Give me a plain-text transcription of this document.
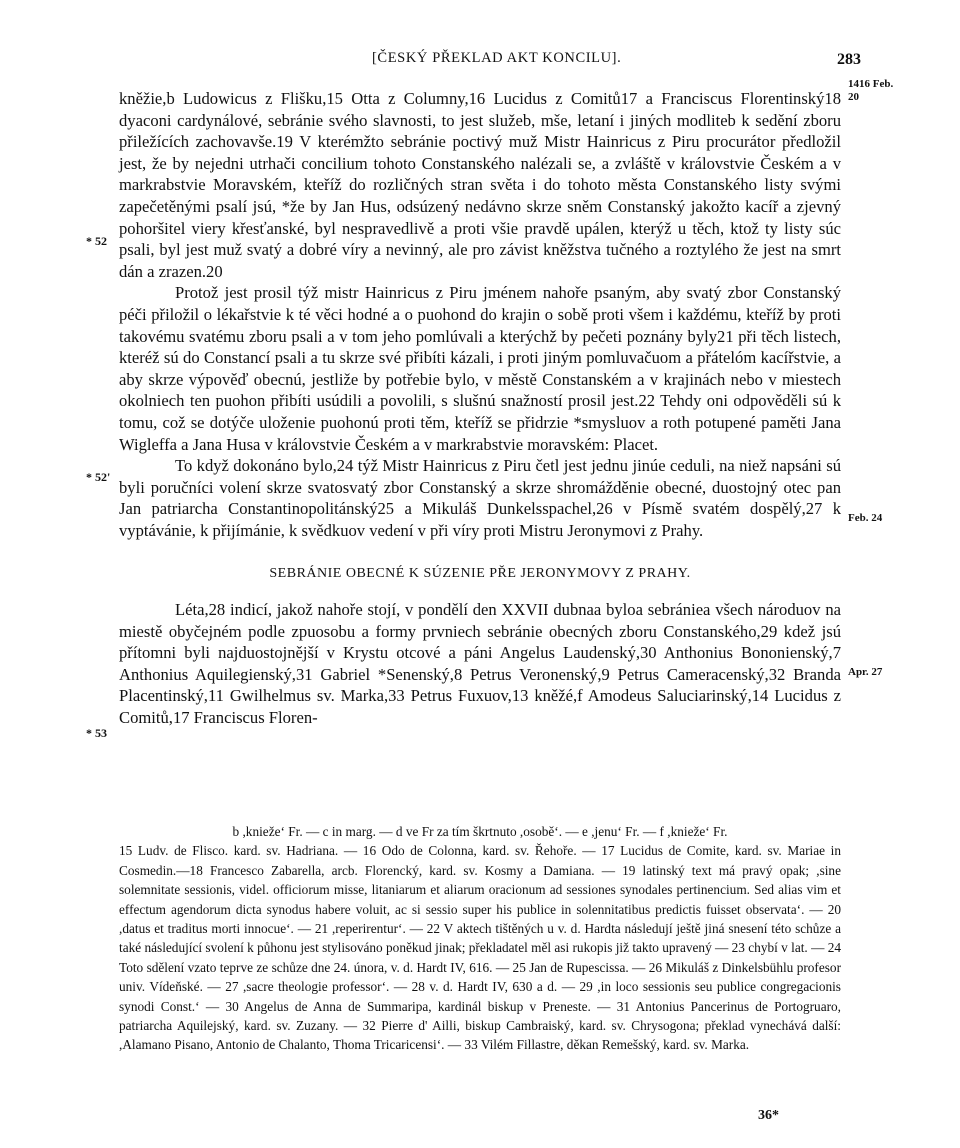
[ČESKÝ PŘEKLAD AKT KONCILU].	283
* 52
* 52'
* 53
1416 Feb. 20
Feb. 24
Apr. 27

kněžie,b Ludowicus z Flišku,15 Otta z Columny,16 Lucidus z Comitů17 a Franciscus Florentinský18 dyaconi cardynálové, sebránie svého slavnosti, to jest služeb, mše, letaní i jiných modliteb k sedění zboru přiležících zachovavše.19 V kterémžto sebránie poctivý muž Mistr Hainricus z Piru procurátor předložil jest, že by nejedni utrhači concilium tohoto Constanského nalézali se, a zvláště v královstvie Českém a v markrabstvie Moravském, kteříž do rozličných stran světa i do tohoto města Constanského listy svými zapečetěnými psalí jsú, *že by Jan Hus, odsúzený nedávno skrze sněm Constanský jakožto kacíř a zjevný pohoršitel viery křesťanské, byl nespravedlivě a proti všie pravdě upálen, kterýž u těch, ktož ty listy súc psali, byl jest muž svatý a dobré víry a nevinný, ale pro závist kněžstva tučného a roztylého že jest na smrt dán a zrazen.20

Protož jest prosil týž mistr Hainricus z Piru jménem nahoře psaným, aby svatý zbor Constanský péči přiložil o lékařstvie k té věci hodné a o puohond do krajin o sobě proti všem i každému, kteříž by proti takovému svatému zboru psali a v tom jeho pomlúvali a kterýchž by pečeti poznány byly21 při těch listech, kteréž sú do Constancí psali a tu skrze své přibíti kázali, i proti jiným pomluvačuom a přátelóm kacířstvie, a aby skrze výpověď obecnú, jestliže by potřebie bylo, v městě Constanském a v krajinách nebo v miestech okolniech ten puohon přibíti usúdili a povolili, s slušnú snažností prosil jest.22 Tehdy oni odpověděli sú k tomu, což se dotýče uloženie puohonú proti těm, kteříž se přidrzie *smysluov a roth potupené paměti Jana Wigleffa a Jana Husa v královstvie Českém a v markrabstvie moravském: Placet.

To když dokonáno bylo,24 týž Mistr Hainricus z Piru četl jest jednu jinúe ceduli, na niež napsáni sú byli poručníci volení skrze svatosvatý zbor Constanský a skrze shromážděnie obecné, duostojný otec pan Jan patriarcha Constantinopolitánský25 a Mikuláš Dunkelsspachel,26 v Písmě svatém dospělý,27 k vyptávánie, k přijímánie, k svědkuov vedení v při víry proti Mistru Jeronymovi z Prahy.

SEBRÁNIE OBECNÉ K SÚZENIE PŘE JERONYMOVY Z PRAHY.

Léta,28 indicí, jakož nahoře stojí, v pondělí den XXVII dubnaa byloa sebrániea všech národuov na miestě obyčejném podle zpuosobu a formy prvniech sebránie obecných zboru Constanského,29 kdež jsú přítomni byli najduostojnější v Krystu otcové a páni Angelus Laudenský,30 Anthonius Bononienský,7 Anthonius Aquilegienský,31 Gabriel *Senenský,8 Petrus Veronenský,9 Petrus Cameracenský,32 Branda Placentinský,11 Gwilhelmus sv. Marka,33 Petrus Fuxuov,13 kněžé,f Amodeus Saluciarinský,14 Lucidus z Comitů,17 Franciscus Floren-

b ,kniežeʻ Fr. — c in marg. — d ve Fr za tím škrtnuto ,osobě‘. — e ,jenu‘ Fr. — f ,knieže‘ Fr.

15 Ludv. de Flisco. kard. sv. Hadriana. — 16 Odo de Colonna, kard. sv. Řehoře. — 17 Lucidus de Comite, kard. sv. Mariae in Cosmedin.—18 Francesco Zabarella, arcb. Florencký, kard. sv. Kosmy a Damiana. — 19 latinský text má pravý opak; ,sine solemnitate sessionis, videl. officiorum misse, litaniarum et aliarum oracionum ad sessiones synodales pertinencium. Sed alias vim et effectum agendorum dicta synodus habere voluit, ac si sessio super his publice in solennitatibus predictis fuisset observata‘. — 20 ,datus et traditus morti innocue‘. — 21 ,reperirentur‘. — 22 V aktech tištěných u v. d. Hardta následují ještě jiná snesení této schůze a také následující svolení k půhonu jest stylisováno poněkud jinak; překladatel měl asi rukopis již takto upravený — 23 chybí v lat. — 24 Toto sdělení vzato teprve ze schůze dne 24. února, v. d. Hardt IV, 616. — 25 Jan de Rupescissa. — 26 Mikuláš z Dinkelsbühlu profesor univ. Vídeňské. — 27 ,sacre theologie professor‘. — 28 v. d. Hardt IV, 630 a d. — 29 ,in loco sessionis seu publice congregacionis synodi Const.‘ — 30 Angelus de Anna de Summaripa, kardinál biskup v Preneste. — 31 Antonius Pancerinus de Portogruaro, patriarcha Aquilejský, kard. sv. Zuzany. — 32 Pierre d' Ailli, biskup Cambraiský, kard. sv. Chrysogona; překlad vynechává další: ,Alamano Pisano, Antonio de Chalanto, Thoma Tricaricensi‘. — 33 Vilém Fillastre, děkan Remešský, kard. sv. Marka.

36*
